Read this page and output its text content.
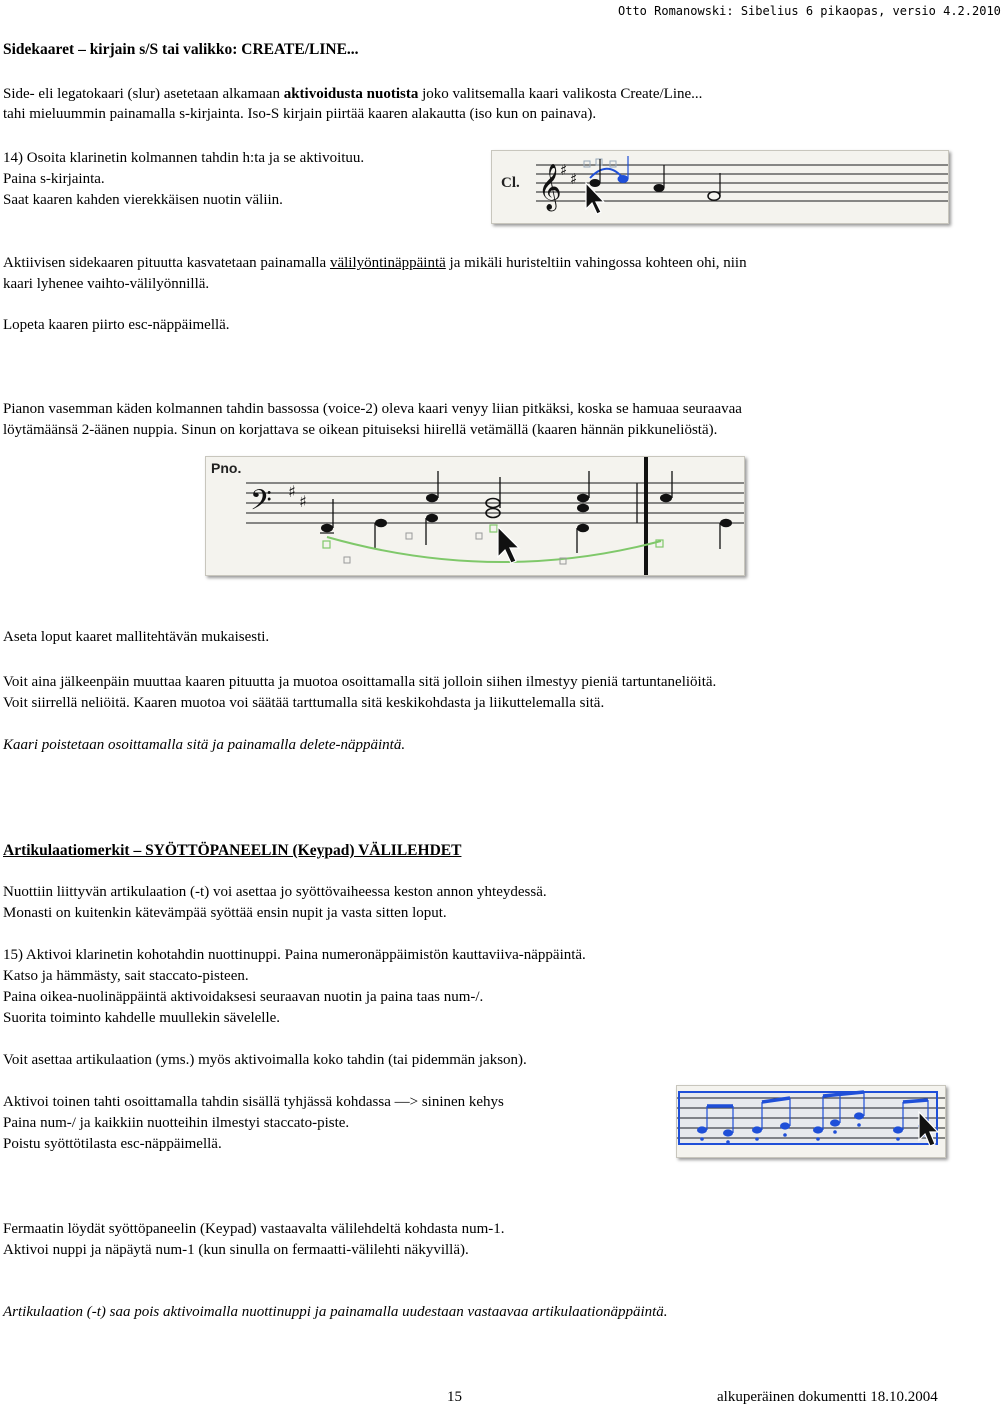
Otto Romanowski: Sibelius 6 pikaopas, versio 4.2.2010
Sidekaaret – kirjain s/S tai valikko: CREATE/LINE...
Side- eli legatokaari (slur) asetetaan alkamaan aktivoidusta nuotista joko valitsemalla kaari valikosta Create/Line...
tahi mieluummin painamalla s-kirjainta. Iso-S kirjain piirtää kaaren alakautta (iso kun on painava).
14) Osoita klarinetin kolmannen tahdin h:ta ja se aktivoituu.
Paina s-kirjainta.
Saat kaaren kahden vierekkäisen nuotin väliin.
Cl. 𝄞
♯ ♯
Aktiivisen sidekaaren pituutta kasvatetaan painamalla välilyöntinäppäintä ja mikäli huristeltiin vahingossa kohteen ohi, niin
kaari lyhenee vaihto-välilyönnillä.
Lopeta kaaren piirto esc-näppäimellä.
Pianon vasemman käden kolmannen tahdin bassossa (voice-2) oleva kaari venyy liian pitkäksi, koska se hamuaa seuraavaa
löytämäänsä 2-äänen nuppia. Sinun on korjattava se oikean pituiseksi hiirellä vetämällä (kaaren hännän pikkuneliöstä).
Pno.
𝄢 ♯
♯
Aseta loput kaaret mallitehtävän mukaisesti.
Voit aina jälkeenpäin muuttaa kaaren pituutta ja muotoa osoittamalla sitä jolloin siihen ilmestyy pieniä tartuntaneliöitä.
Voit siirrellä neliöitä. Kaaren muotoa voi säätää tarttumalla sitä keskikohdasta ja liikuttelemalla sitä.
Kaari poistetaan osoittamalla sitä ja painamalla delete-näppäintä.
Artikulaatiomerkit – SYÖTTÖPANEELIN (Keypad) VÄLILEHDET
Nuottiin liittyvän artikulaation (-t) voi asettaa jo syöttövaiheessa keston annon yhteydessä.
Monasti on kuitenkin kätevämpää syöttää ensin nupit ja vasta sitten loput.
15) Aktivoi klarinetin kohotahdin nuottinuppi. Paina numeronäppäimistön kauttaviiva-näppäintä.
Katso ja hämmästy, sait staccato-pisteen.
Paina oikea-nuolinäppäintä aktivoidaksesi seuraavan nuotin ja paina taas num-/.
Suorita toiminto kahdelle muullekin sävelelle.
Voit asettaa artikulaation (yms.) myös aktivoimalla koko tahdin (tai pidemmän jakson).
Aktivoi toinen tahti osoittamalla tahdin sisällä tyhjässä kohdassa —> sininen kehys
Paina num-/ ja kaikkiin nuotteihin ilmestyi staccato-piste.
Poistu syöttötilasta esc-näppäimellä.
Fermaatin löydät syöttöpaneelin (Keypad) vastaavalta välilehdeltä kohdasta num-1.
Aktivoi nuppi ja näpäytä num-1 (kun sinulla on fermaatti-välilehti näkyvillä).
Artikulaation (-t) saa pois aktivoimalla nuottinuppi ja painamalla uudestaan vastaavaa artikulaationäppäintä.
15	alkuperäinen dokumentti 18.10.2004
